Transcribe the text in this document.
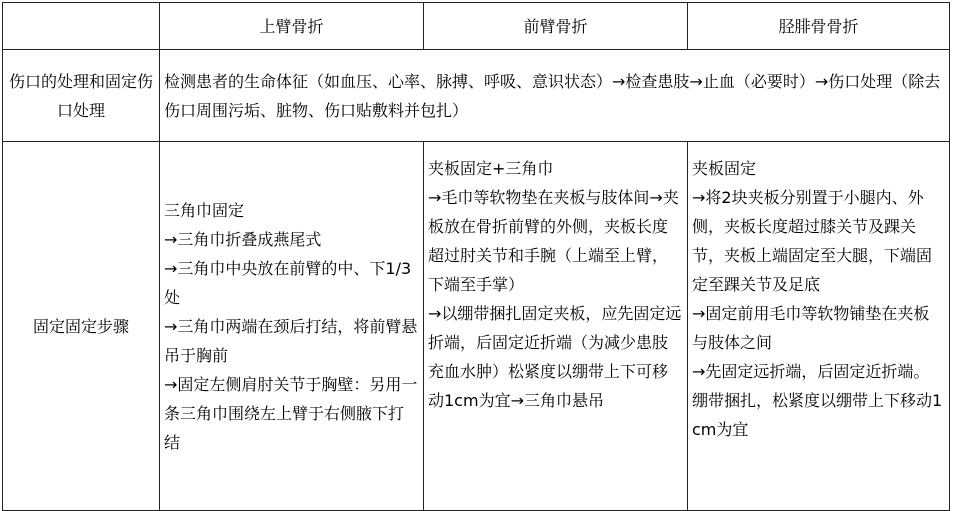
	上臂骨折	前臂骨折	胫腓骨骨折
伤口的处理和固定伤口处理	检测患者的生命体征（如血压、心率、脉搏、呼吸、意识状态）→检查患肢→止血（必要时）→伤口处理（除去伤口周围污垢、脏物、伤口贴敷料并包扎）		
固定固定步骤	三角巾固定
→三角巾折叠成燕尾式
→三角巾中央放在前臂的中、下1/3处
→三角巾两端在颈后打结，将前臂悬吊于胸前
→固定左侧肩肘关节于胸壁：另用一条三角巾围绕左上臂于右侧腋下打结	夹板固定+三角巾
→毛巾等软物垫在夹板与肢体间→夹板放在骨折前臂的外侧，夹板长度超过肘关节和手腕（上端至上臂，下端至手掌）
→以绷带捆扎固定夹板，应先固定远折端，后固定近折端（为减少患肢充血水肿）松紧度以绷带上下可移动1cm为宜→三角巾悬吊	夹板固定
→将2块夹板分别置于小腿内、外侧，夹板长度超过膝关节及踝关节，夹板上端固定至大腿，下端固定至踝关节及足底
→固定前用毛巾等软物铺垫在夹板与肢体之间
→先固定远折端，后固定近折端。绷带捆扎，松紧度以绷带上下移动1cm为宜
